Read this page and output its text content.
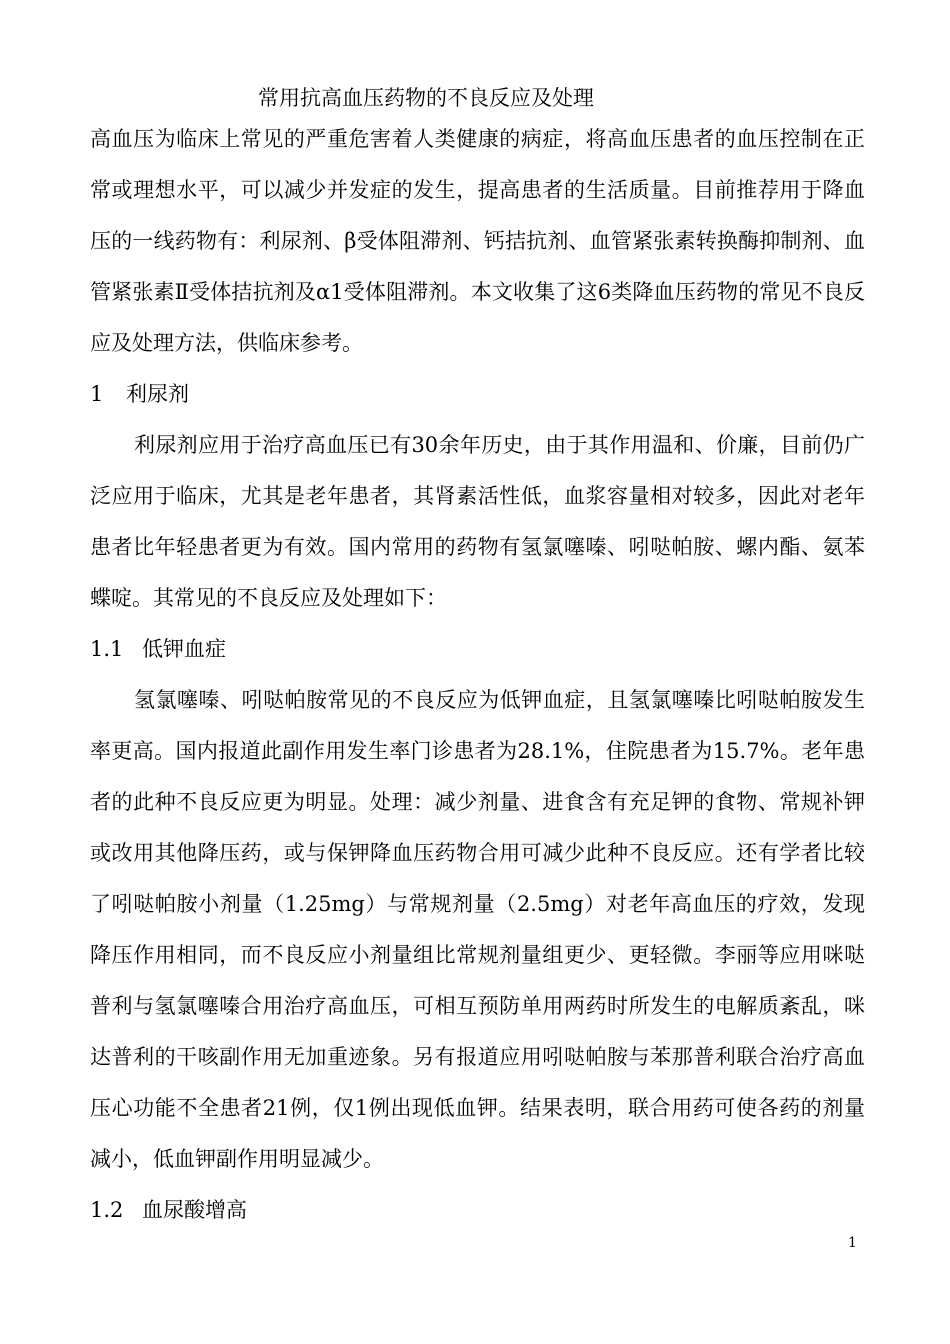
常用抗高血压药物的不良反应及处理

高血压为临床上常见的严重危害着人类健康的病症，将高血压患者的血压控制在正常或理想水平，可以减少并发症的发生，提高患者的生活质量。目前推荐用于降血压的一线药物有：利尿剂、β受体阻滞剂、钙拮抗剂、血管紧张素转换酶抑制剂、血管紧张素Ⅱ受体拮抗剂及α1受体阻滞剂。本文收集了这6类降血压药物的常见不良反应及处理方法，供临床参考。

1	利尿剂

利尿剂应用于治疗高血压已有30余年历史，由于其作用温和、价廉，目前仍广泛应用于临床，尤其是老年患者，其肾素活性低，血浆容量相对较多，因此对老年患者比年轻患者更为有效。国内常用的药物有氢氯噻嗪、吲哒帕胺、螺内酯、氨苯蝶啶。其常见的不良反应及处理如下：

1.1 低钾血症

氢氯噻嗪、吲哒帕胺常见的不良反应为低钾血症，且氢氯噻嗪比吲哒帕胺发生率更高。国内报道此副作用发生率门诊患者为28.1%，住院患者为15.7%。老年患者的此种不良反应更为明显。处理：减少剂量、进食含有充足钾的食物、常规补钾或改用其他降压药，或与保钾降血压药物合用可减少此种不良反应。还有学者比较了吲哒帕胺小剂量（1.25mg）与常规剂量（2.5mg）对老年高血压的疗效，发现降压作用相同，而不良反应小剂量组比常规剂量组更少、更轻微。李丽等应用咪哒普利与氢氯噻嗪合用治疗高血压，可相互预防单用两药时所发生的电解质紊乱，咪达普利的干咳副作用无加重迹象。另有报道应用吲哒帕胺与苯那普利联合治疗高血压心功能不全患者21例，仅1例出现低血钾。结果表明，联合用药可使各药的剂量减小，低血钾副作用明显减少。

1.2 血尿酸增高
1
